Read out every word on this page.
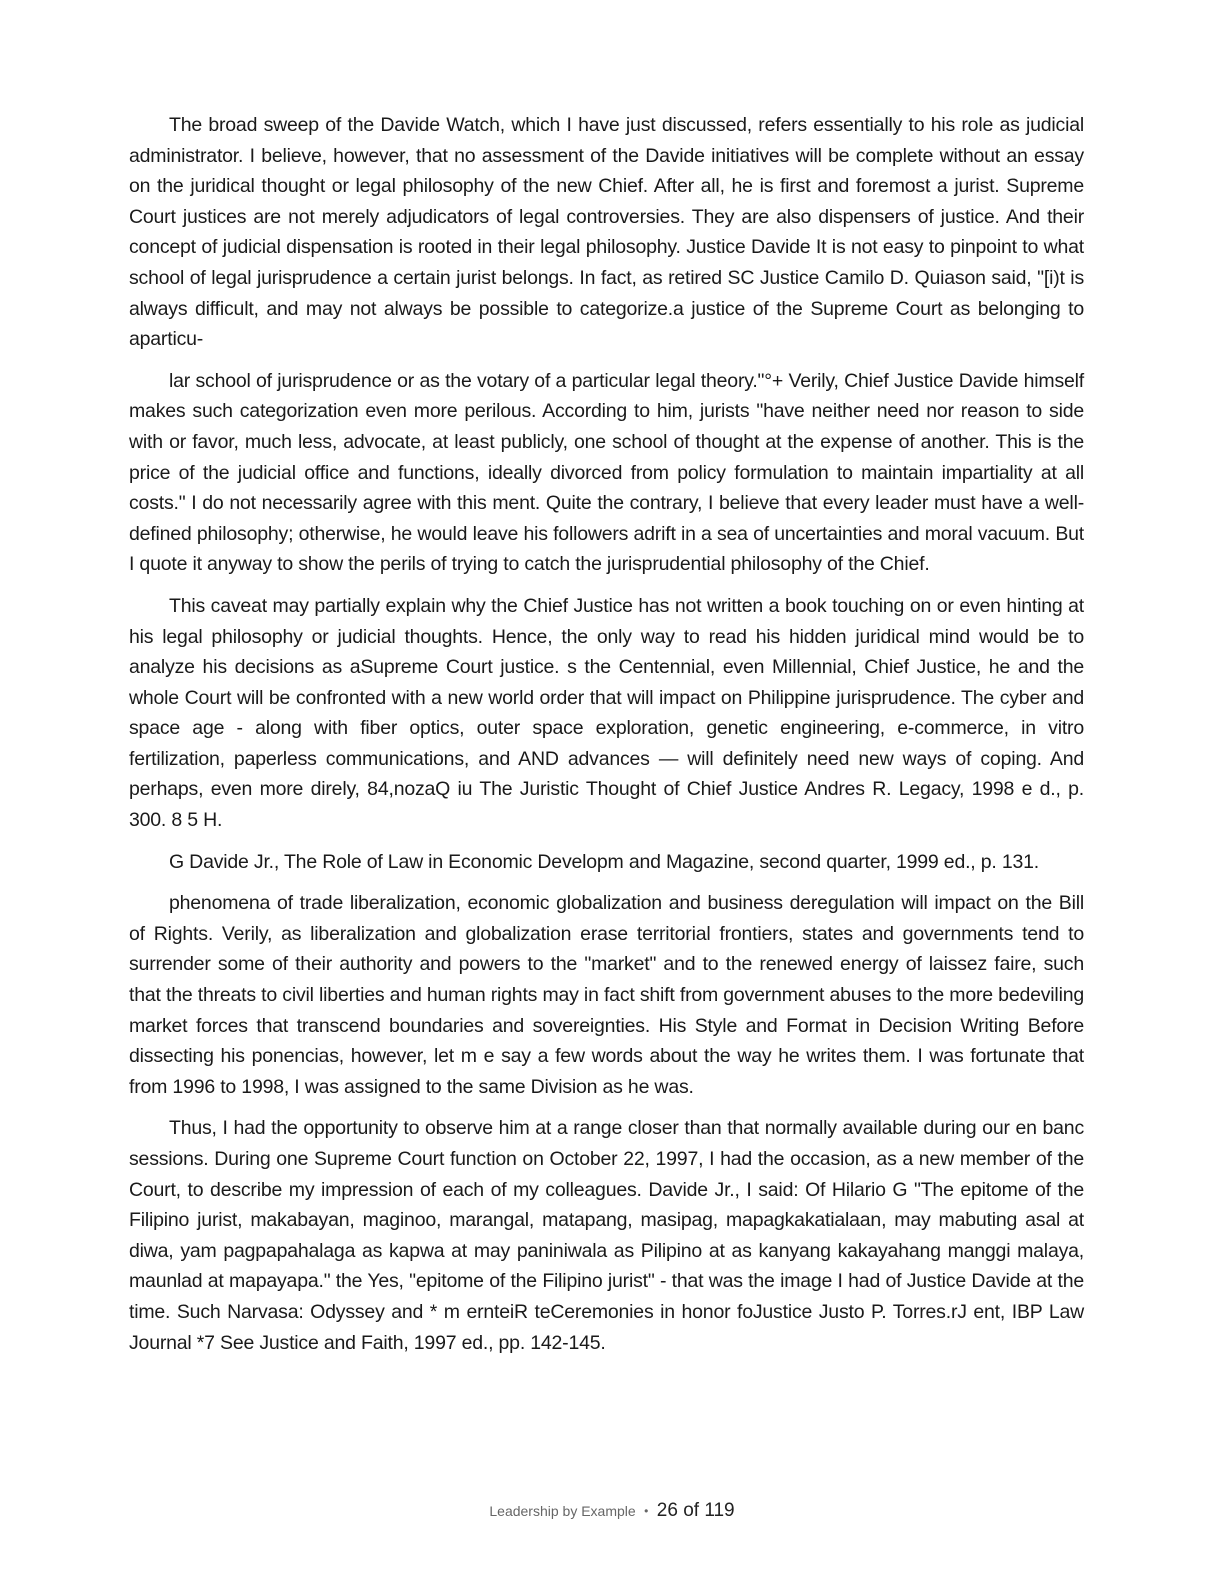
The broad sweep of the Davide Watch, which I have just discussed, refers essentially to his role as judicial administrator. I believe, however, that no assessment of the Davide initiatives will be complete without an essay on the juridical thought or legal philosophy of the new Chief. After all, he is first and foremost a jurist. Supreme Court justices are not merely adjudicators of legal controversies. They are also dispensers of justice. And their concept of judicial dispensation is rooted in their legal philosophy. Justice Davide It is not easy to pinpoint to what school of legal jurisprudence a certain jurist belongs. In fact, as retired SC Justice Camilo D. Quiason said, "[i)t is always difficult, and may not always be possible to categorize.a justice of the Supreme Court as belonging to aparticu-

lar school of jurisprudence or as the votary of a particular legal theory."°+ Verily, Chief Justice Davide himself makes such categorization even more perilous. According to him, jurists "have neither need nor reason to side with or favor, much less, advocate, at least publicly, one school of thought at the expense of another. This is the price of the judicial office and functions, ideally divorced from policy formulation to maintain impartiality at all costs." I do not necessarily agree with this ment. Quite the contrary, I believe that every leader must have a well-defined philosophy; otherwise, he would leave his followers adrift in a sea of uncertainties and moral vacuum. But I quote it anyway to show the perils of trying to catch the jurisprudential philosophy of the Chief.

This caveat may partially explain why the Chief Justice has not written a book touching on or even hinting at his legal philosophy or judicial thoughts. Hence, the only way to read his hidden juridical mind would be to analyze his decisions as aSupreme Court justice. s the Centennial, even Millennial, Chief Justice, he and the whole Court will be confronted with a new world order that will impact on Philippine jurisprudence. The cyber and space age - along with fiber optics, outer space exploration, genetic engineering, e-commerce, in vitro fertilization, paperless communications, and AND advances — will definitely need new ways of coping. And perhaps, even more direly, 84,nozaQ iu The Juristic Thought of Chief Justice Andres R. Legacy, 1998 e d., p. 300. 8 5 H.

G Davide Jr., The Role of Law in Economic Developm and Magazine, second quarter, 1999 ed., p. 131.

phenomena of trade liberalization, economic globalization and business deregulation will impact on the Bill of Rights. Verily, as liberalization and globalization erase territorial frontiers, states and governments tend to surrender some of their authority and powers to the "market" and to the renewed energy of laissez faire, such that the threats to civil liberties and human rights may in fact shift from government abuses to the more bedeviling market forces that transcend boundaries and sovereignties. His Style and Format in Decision Writing Before dissecting his ponencias, however, let m e say a few words about the way he writes them. I was fortunate that from 1996 to 1998, I was assigned to the same Division as he was.

Thus, I had the opportunity to observe him at a range closer than that normally available during our en banc sessions. During one Supreme Court function on October 22, 1997, I had the occasion, as a new member of the Court, to describe my impression of each of my colleagues. Davide Jr., I said: Of Hilario G "The epitome of the Filipino jurist, makabayan, maginoo, marangal, matapang, masipag, mapagkakatialaan, may mabuting asal at diwa, yam pagpapahalaga as kapwa at may paniniwala as Pilipino at as kanyang kakayahang manggi malaya, maunlad at mapayapa." the Yes, "epitome of the Filipino jurist" - that was the image I had of Justice Davide at the time. Such Narvasa: Odyssey and * m ernteiR teCeremonies in honor foJustice Justo P. Torres.rJ ent, IBP Law Journal *7 See Justice and Faith, 1997 ed., pp. 142-145.

Leadership by Example • 26 of 119
